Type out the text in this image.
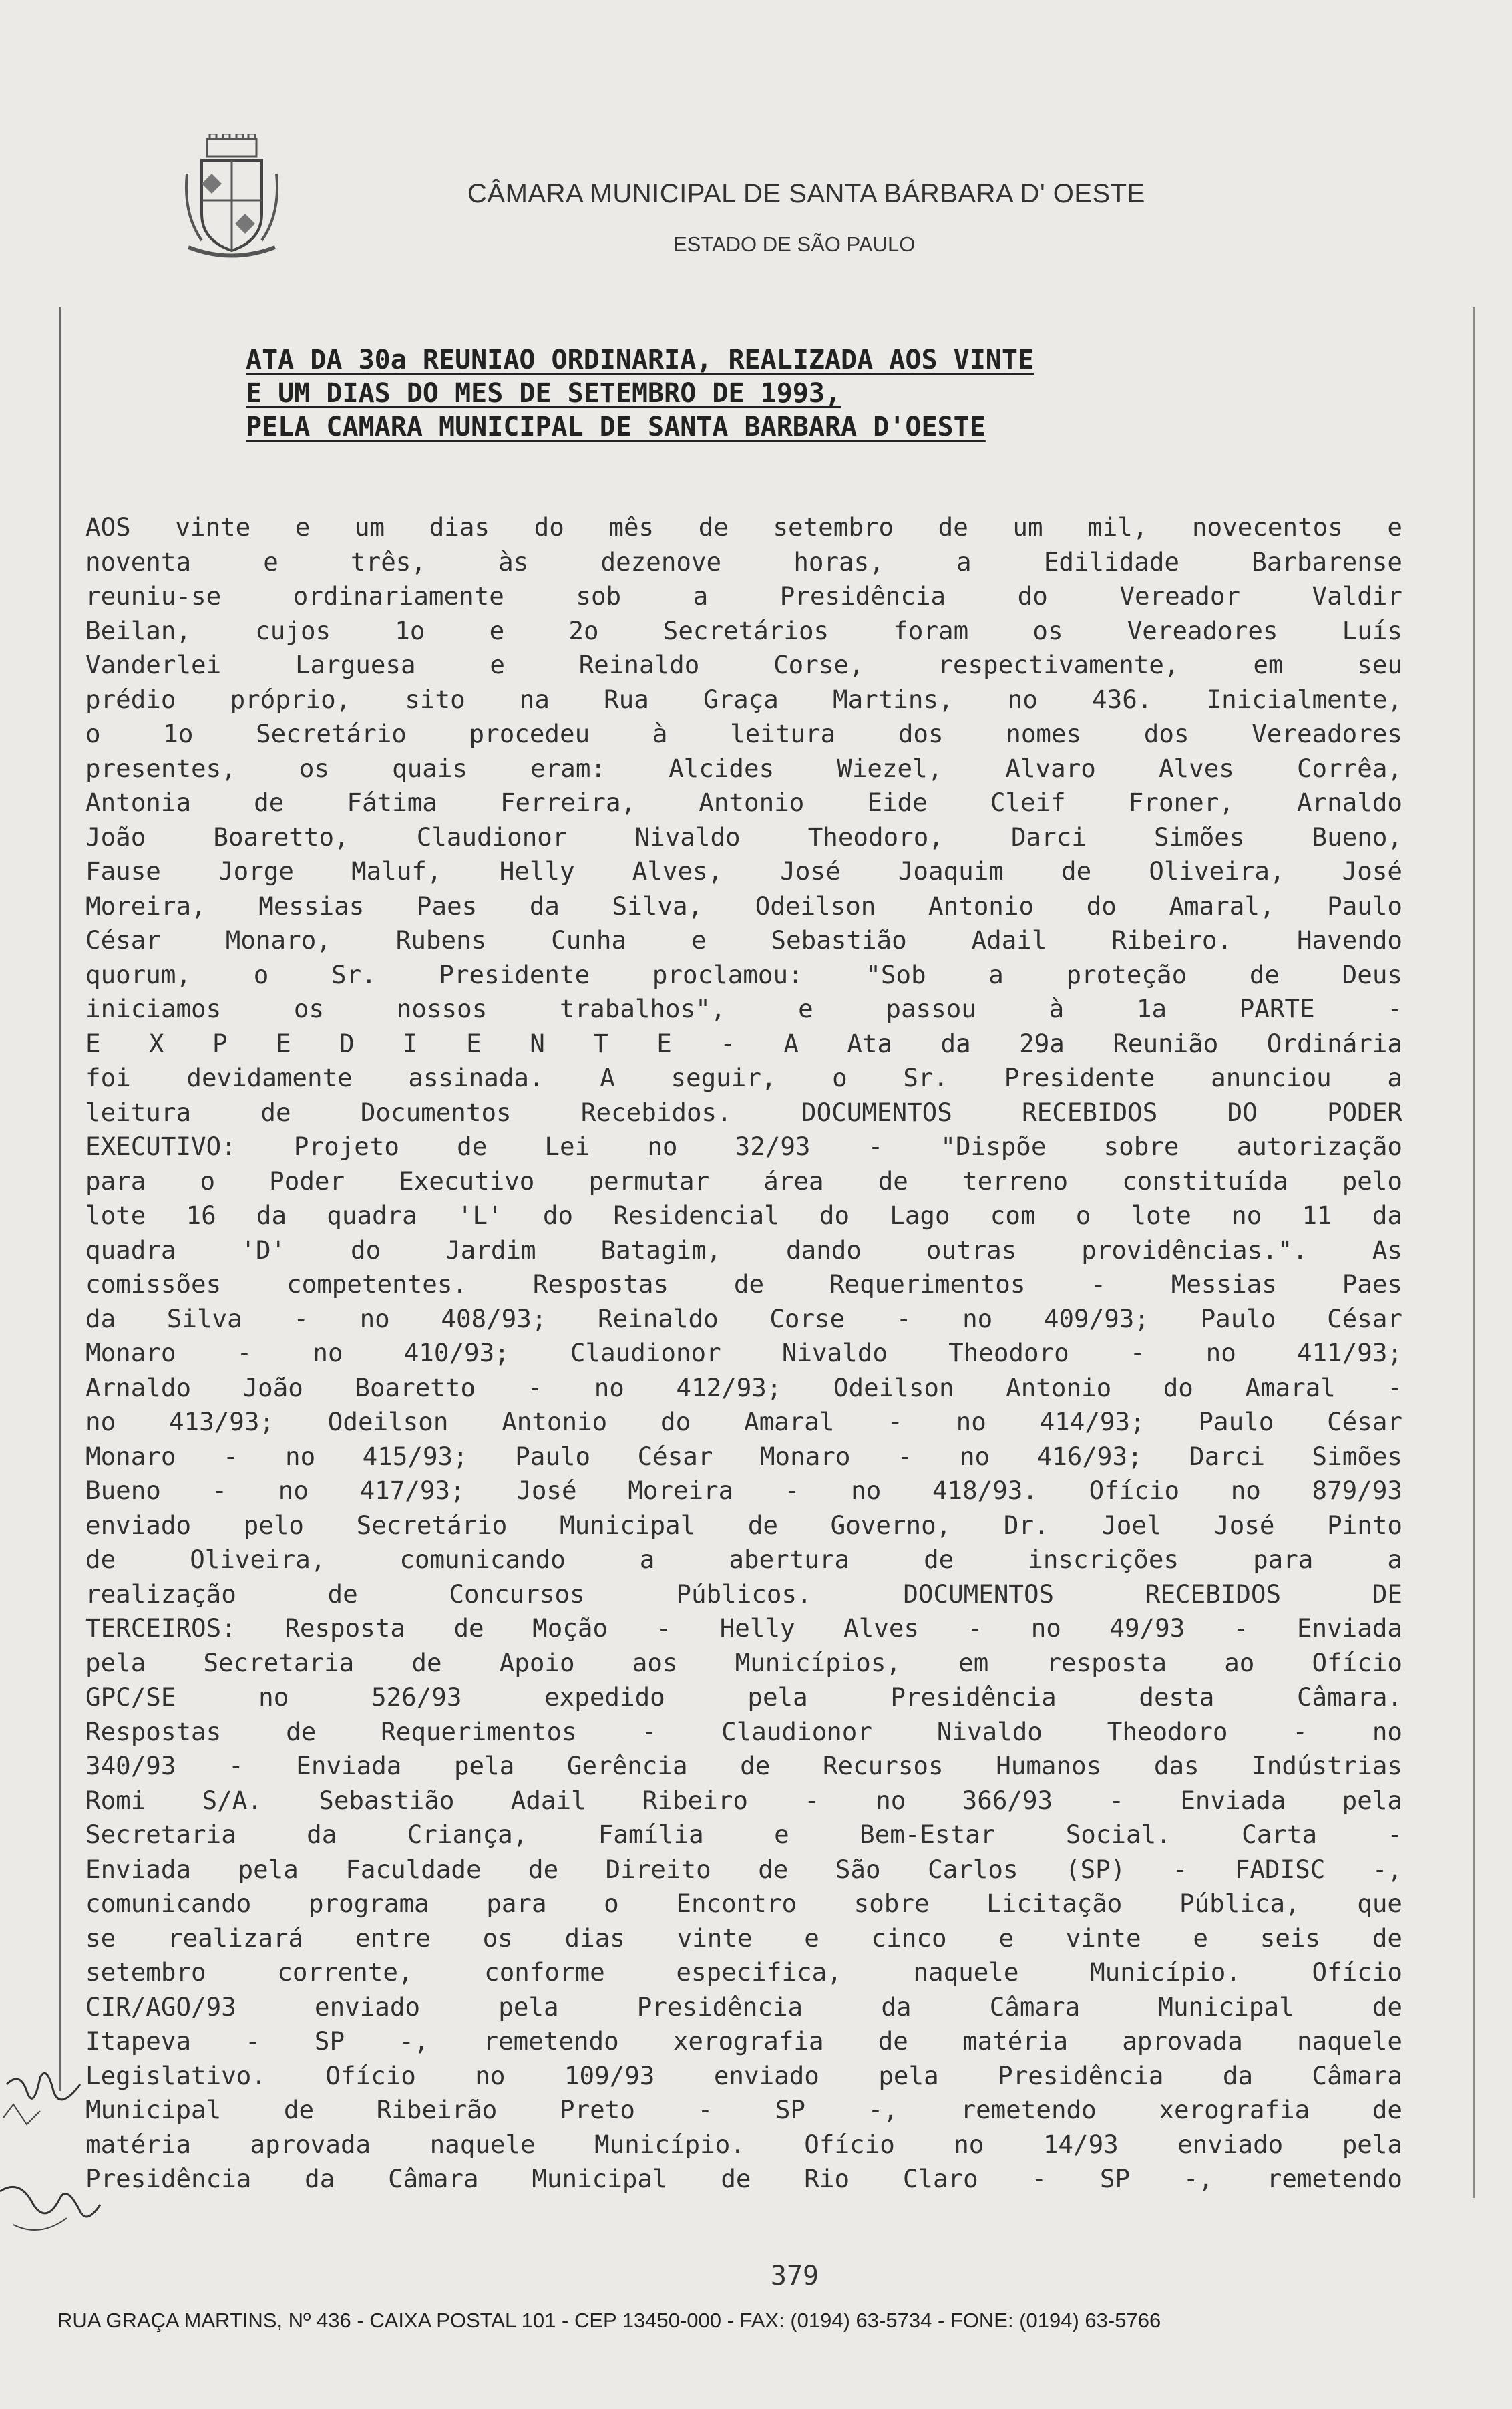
CÂMARA MUNICIPAL DE SANTA BÁRBARA D' OESTE
ESTADO DE SÃO PAULO
ATA DA 30a REUNIAO ORDINARIA, REALIZADA AOS VINTE
E UM DIAS DO MES DE SETEMBRO DE 1993,
PELA CAMARA MUNICIPAL DE SANTA BARBARA D'OESTE
AOS vinte e um dias do mês de setembro de um mil, novecentos e
noventa e três, às dezenove horas, a Edilidade Barbarense
reuniu-se ordinariamente sob a Presidência do Vereador Valdir
Beilan, cujos 1o e 2o Secretários foram os Vereadores Luís
Vanderlei Larguesa e Reinaldo Corse, respectivamente, em seu
prédio próprio, sito na Rua Graça Martins, no 436. Inicialmente,
o 1o Secretário procedeu à leitura dos nomes dos Vereadores
presentes, os quais eram: Alcides Wiezel, Alvaro Alves Corrêa,
Antonia de Fátima Ferreira, Antonio Eide Cleif Froner, Arnaldo
João Boaretto, Claudionor Nivaldo Theodoro, Darci Simões Bueno,
Fause Jorge Maluf, Helly Alves, José Joaquim de Oliveira, José
Moreira, Messias Paes da Silva, Odeilson Antonio do Amaral, Paulo
César Monaro, Rubens Cunha e Sebastião Adail Ribeiro. Havendo
quorum, o Sr. Presidente proclamou: "Sob a proteção de Deus
iniciamos os nossos trabalhos", e passou à 1a PARTE -
E X P E D I E N T E - A Ata da 29a Reunião Ordinária
foi devidamente assinada. A seguir, o Sr. Presidente anunciou a
leitura de Documentos Recebidos. DOCUMENTOS RECEBIDOS DO PODER
EXECUTIVO: Projeto de Lei no 32/93 - "Dispõe sobre autorização
para o Poder Executivo permutar área de terreno constituída pelo
lote 16 da quadra 'L' do Residencial do Lago com o lote no 11 da
quadra 'D' do Jardim Batagim, dando outras providências.". As
comissões competentes. Respostas de Requerimentos - Messias Paes
da Silva - no 408/93; Reinaldo Corse - no 409/93; Paulo César
Monaro - no 410/93; Claudionor Nivaldo Theodoro - no 411/93;
Arnaldo João Boaretto - no 412/93; Odeilson Antonio do Amaral -
no 413/93; Odeilson Antonio do Amaral - no 414/93; Paulo César
Monaro - no 415/93; Paulo César Monaro - no 416/93; Darci Simões
Bueno - no 417/93; José Moreira - no 418/93. Ofício no 879/93
enviado pelo Secretário Municipal de Governo, Dr. Joel José Pinto
de Oliveira, comunicando a abertura de inscrições para a
realização de Concursos Públicos. DOCUMENTOS RECEBIDOS DE
TERCEIROS: Resposta de Moção - Helly Alves - no 49/93 - Enviada
pela Secretaria de Apoio aos Municípios, em resposta ao Ofício
GPC/SE no 526/93 expedido pela Presidência desta Câmara.
Respostas de Requerimentos - Claudionor Nivaldo Theodoro - no
340/93 - Enviada pela Gerência de Recursos Humanos das Indústrias
Romi S/A. Sebastião Adail Ribeiro - no 366/93 - Enviada pela
Secretaria da Criança, Família e Bem-Estar Social. Carta -
Enviada pela Faculdade de Direito de São Carlos (SP) - FADISC -,
comunicando programa para o Encontro sobre Licitação Pública, que
se realizará entre os dias vinte e cinco e vinte e seis de
setembro corrente, conforme especifica, naquele Município. Ofício
CIR/AGO/93 enviado pela Presidência da Câmara Municipal de
Itapeva - SP -, remetendo xerografia de matéria aprovada naquele
Legislativo. Ofício no 109/93 enviado pela Presidência da Câmara
Municipal de Ribeirão Preto - SP -, remetendo xerografia de
matéria aprovada naquele Município. Ofício no 14/93 enviado pela
Presidência da Câmara Municipal de Rio Claro - SP -, remetendo
379
RUA GRAÇA MARTINS, Nº 436 - CAIXA POSTAL 101 - CEP 13450-000 - FAX: (0194) 63-5734 - FONE: (0194) 63-5766
